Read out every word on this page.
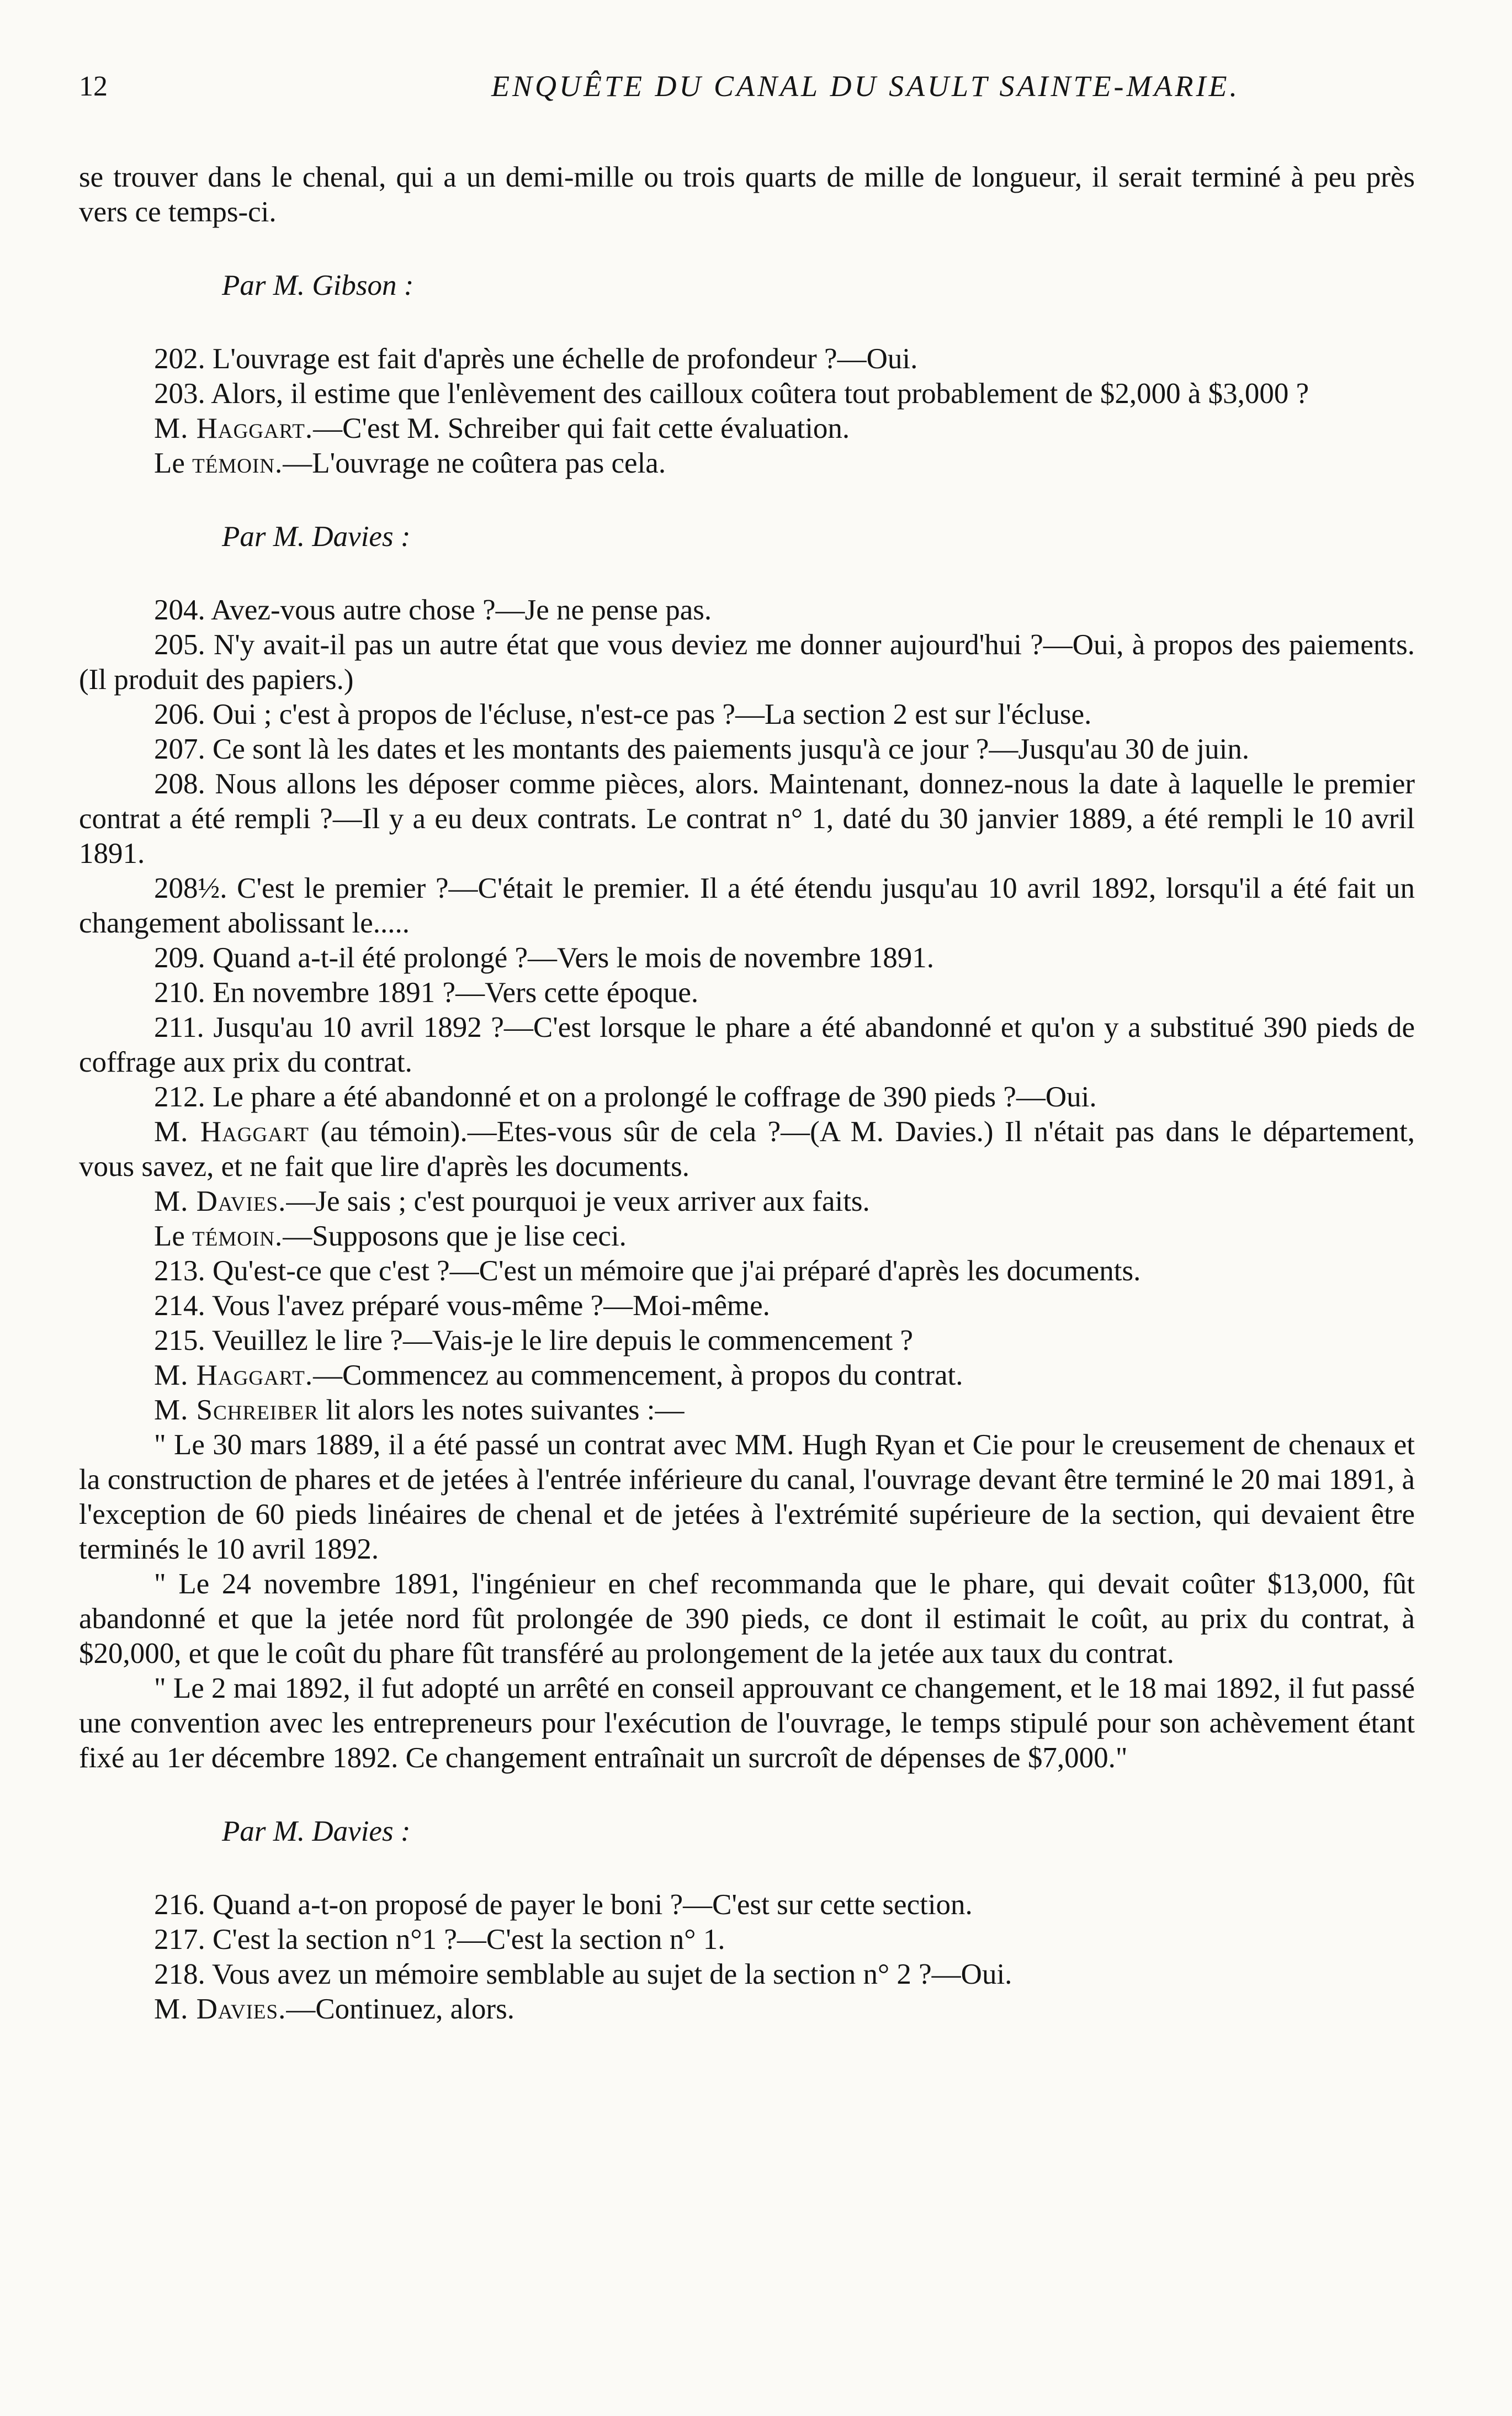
12	ENQUÊTE DU CANAL DU SAULT SAINTE-MARIE.

se trouver dans le chenal, qui a un demi-mille ou trois quarts de mille de longueur, il serait terminé à peu près vers ce temps-ci.

Par M. Gibson :

202. L'ouvrage est fait d'après une échelle de profondeur ?—Oui.

203. Alors, il estime que l'enlèvement des cailloux coûtera tout probablement de $2,000 à $3,000 ?

M. Haggart.—C'est M. Schreiber qui fait cette évaluation.

Le témoin.—L'ouvrage ne coûtera pas cela.

Par M. Davies :

204. Avez-vous autre chose ?—Je ne pense pas.

205. N'y avait-il pas un autre état que vous deviez me donner aujourd'hui ?—Oui, à propos des paiements. (Il produit des papiers.)

206. Oui ; c'est à propos de l'écluse, n'est-ce pas ?—La section 2 est sur l'écluse.

207. Ce sont là les dates et les montants des paiements jusqu'à ce jour ?—Jusqu'au 30 de juin.

208. Nous allons les déposer comme pièces, alors. Maintenant, donnez-nous la date à laquelle le premier contrat a été rempli ?—Il y a eu deux contrats. Le contrat n° 1, daté du 30 janvier 1889, a été rempli le 10 avril 1891.

208½. C'est le premier ?—C'était le premier. Il a été étendu jusqu'au 10 avril 1892, lorsqu'il a été fait un changement abolissant le.....

209. Quand a-t-il été prolongé ?—Vers le mois de novembre 1891.

210. En novembre 1891 ?—Vers cette époque.

211. Jusqu'au 10 avril 1892 ?—C'est lorsque le phare a été abandonné et qu'on y a substitué 390 pieds de coffrage aux prix du contrat.

212. Le phare a été abandonné et on a prolongé le coffrage de 390 pieds ?—Oui.

M. Haggart (au témoin).—Etes-vous sûr de cela ?—(A M. Davies.) Il n'était pas dans le département, vous savez, et ne fait que lire d'après les documents.

M. Davies.—Je sais ; c'est pourquoi je veux arriver aux faits.

Le témoin.—Supposons que je lise ceci.

213. Qu'est-ce que c'est ?—C'est un mémoire que j'ai préparé d'après les documents.

214. Vous l'avez préparé vous-même ?—Moi-même.

215. Veuillez le lire ?—Vais-je le lire depuis le commencement ?

M. Haggart.—Commencez au commencement, à propos du contrat.

M. Schreiber lit alors les notes suivantes :—

" Le 30 mars 1889, il a été passé un contrat avec MM. Hugh Ryan et Cie pour le creusement de chenaux et la construction de phares et de jetées à l'entrée inférieure du canal, l'ouvrage devant être terminé le 20 mai 1891, à l'exception de 60 pieds linéaires de chenal et de jetées à l'extrémité supérieure de la section, qui devaient être terminés le 10 avril 1892.

" Le 24 novembre 1891, l'ingénieur en chef recommanda que le phare, qui devait coûter $13,000, fût abandonné et que la jetée nord fût prolongée de 390 pieds, ce dont il estimait le coût, au prix du contrat, à $20,000, et que le coût du phare fût transféré au prolongement de la jetée aux taux du contrat.

" Le 2 mai 1892, il fut adopté un arrêté en conseil approuvant ce changement, et le 18 mai 1892, il fut passé une convention avec les entrepreneurs pour l'exécution de l'ouvrage, le temps stipulé pour son achèvement étant fixé au 1er décembre 1892. Ce changement entraînait un surcroît de dépenses de $7,000."

Par M. Davies :

216. Quand a-t-on proposé de payer le boni ?—C'est sur cette section.

217. C'est la section n°1 ?—C'est la section n° 1.

218. Vous avez un mémoire semblable au sujet de la section n° 2 ?—Oui.

M. Davies.—Continuez, alors.
